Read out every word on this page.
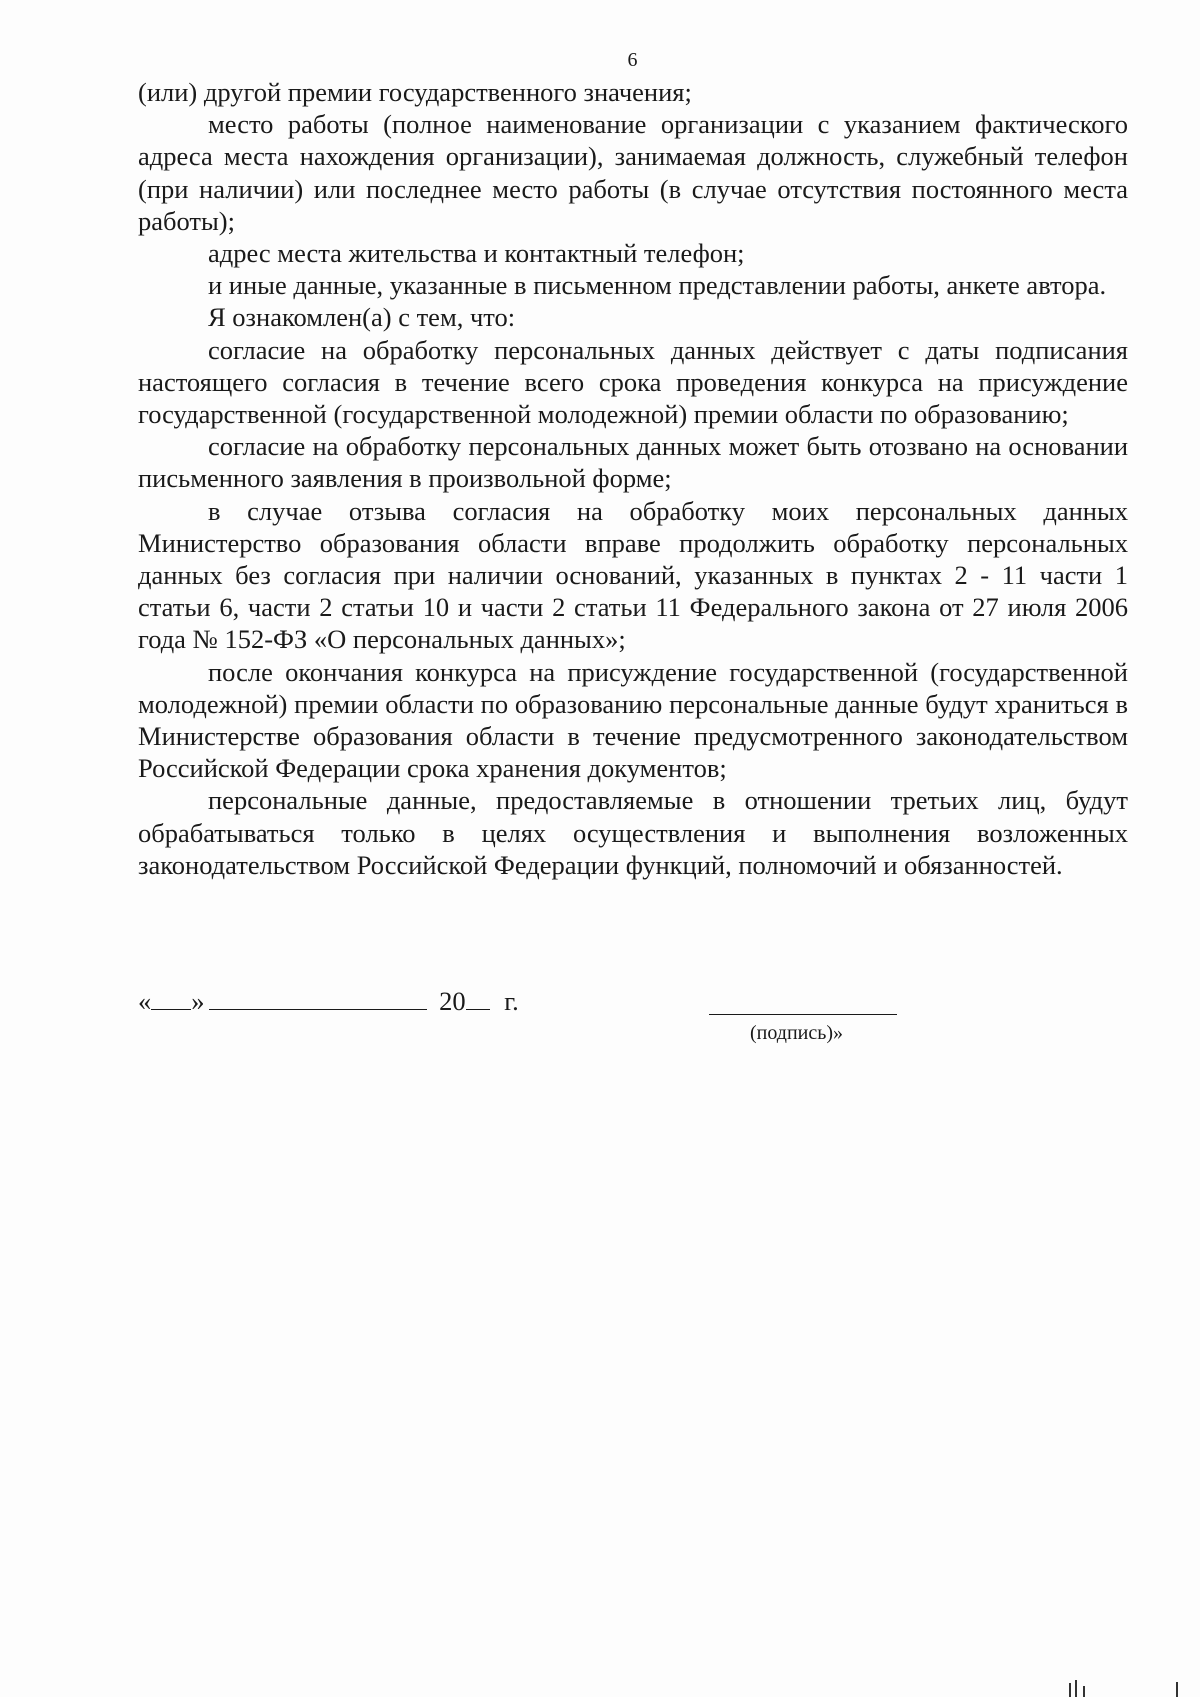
6

(или) другой премии государственного значения;

место работы (полное наименование организации с указанием фактического адреса места нахождения организации), занимаемая должность, служебный телефон (при наличии) или последнее место работы (в случае отсутствия постоянного места работы);

адрес места жительства и контактный телефон;

и иные данные, указанные в письменном представлении работы, анкете автора.

Я ознакомлен(а) с тем, что:

согласие на обработку персональных данных действует с даты подписания настоящего согласия в течение всего срока проведения конкурса на присуждение государственной (государственной молодежной) премии области по образованию;

согласие на обработку персональных данных может быть отозвано на основании письменного заявления в произвольной форме;

в случае отзыва согласия на обработку моих персональных данных Министерство образования области вправе продолжить обработку персональных данных без согласия при наличии оснований, указанных в пунктах 2 - 11 части 1 статьи 6, части 2 статьи 10 и части 2 статьи 11 Федерального закона от 27 июля 2006 года № 152-ФЗ «О персональных данных»;

после окончания конкурса на присуждение государственной (государственной молодежной) премии области по образованию персональные данные будут храниться в Министерстве образования области в течение предусмотренного законодательством Российской Федерации срока хранения документов;

персональные данные, предоставляемые в отношении третьих лиц, будут обрабатываться только в целях осуществления и выполнения возложенных законодательством Российской Федерации функций, полномочий и обязанностей.

« »	20 г.
(подпись)»
